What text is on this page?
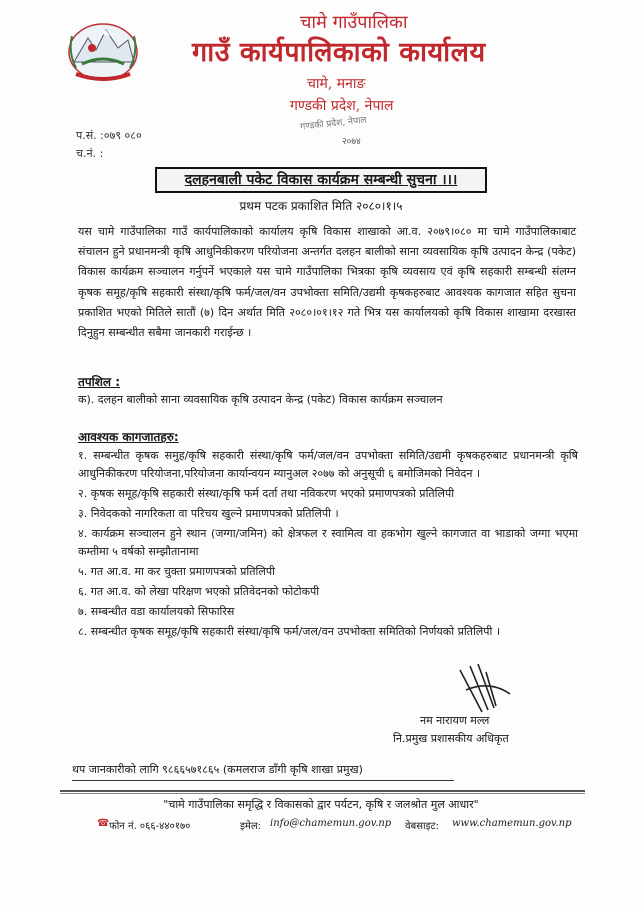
चामे गाउँपालिका
गाउँ कार्यपालिकाको कार्यालय
चामे, मनाङ
गण्डकी प्रदेश, नेपाल
गण्डकी प्रदेश, नेपाल
२०७४
प.सं. :०७९ ०८०
च.नं. :
दलहनबाली पकेट विकास कार्यक्रम सम्बन्धी सुचना ।।।
प्रथम पटक प्रकाशित मिति २०८०।१।५
यस चामे गाउँपालिका गाउँ कार्यपालिकाको कार्यालय कृषि विकास शाखाको आ.व. २०७९।०८० मा चामे गाउँपालिकाबाट संचालन हुने प्रधानमन्त्री कृषि आधुनिकीकरण परियोजना अन्तर्गत दलहन बालीको साना व्यवसायिक कृषि उत्पादन केन्द्र (पकेट) विकास कार्यक्रम सञ्चालन गर्नुपर्ने भएकाले यस चामे गाउँपालिका भित्रका कृषि व्यवसाय एवं कृषि सहकारी सम्बन्धी संलग्न कृषक समूह/कृषि सहकारी संस्था/कृषि फर्म/जल/वन उपभोक्ता समिति/उद्यमी कृषकहरुबाट आवश्यक कागजात सहित सुचना प्रकाशित भएको मितिले सातौं (७) दिन अर्थात मिति २०८०।०१।१२ गते भित्र यस कार्यालयको कृषि विकास शाखामा दरखास्त दिनुहुन सम्बन्धीत सबैमा जानकारी गराईन्छ ।
तपशिल :
क). दलहन बालीको साना व्यवसायिक कृषि उत्पादन केन्द्र (पकेट) विकास कार्यक्रम सञ्चालन
आवश्यक कागजातहरु:
१. सम्बन्धीत कृषक समुह/कृषि सहकारी संस्था/कृषि फर्म/जल/वन उपभोक्ता समिति/उद्यमी कृषकहरुबाट प्रधानमन्त्री कृषि आधुनिकीकरण परियोजना,परियोजना कार्यान्वयन म्यानुअल २०७७ को अनुसूची ६ बमोजिमको निवेदन ।
२. कृषक समूह/कृषि सहकारी संस्था/कृषि फर्म दर्ता तथा नविकरण भएको प्रमाणपत्रको प्रतिलिपी
३. निवेदकको नागरिकता वा परिचय खुल्ने प्रमाणपत्रको प्रतिलिपी ।
४. कार्यक्रम सञ्चालन हुने स्थान (जग्गा/जमिन) को क्षेत्रफल र स्वामित्व वा हकभोग खुल्ने कागजात वा भाडाको जग्गा भएमा कम्तीमा ५ वर्षको सम्झौतानामा
५. गत आ.व. मा कर चुक्ता प्रमाणपत्रको प्रतिलिपी
६. गत आ.व. को लेखा परिक्षण भएको प्रतिवेदनको फोटोकपी
७. सम्बन्धीत वडा कार्यालयको सिफारिस
८. सम्बन्धीत कृषक समूह/कृषि सहकारी संस्था/कृषि फर्म/जल/वन उपभोक्ता समितिको निर्णयको प्रतिलिपी ।
नम नारायण मल्ल
नि.प्रमुख प्रशासकीय अधिकृत
थप जानकारीको लागि ९८६६५७१८६५ (कमलराज डाँगी कृषि शाखा प्रमुख)
"चामे गाउँपालिका समृद्धि र विकासको द्वार पर्यटन, कृषि र जलश्रोत मुल आधार"
☎ फोन नं. ०६६-४४०१७०	इमेल: info@chamemun.gov.np वेबसाइट: www.chamemun.gov.np
